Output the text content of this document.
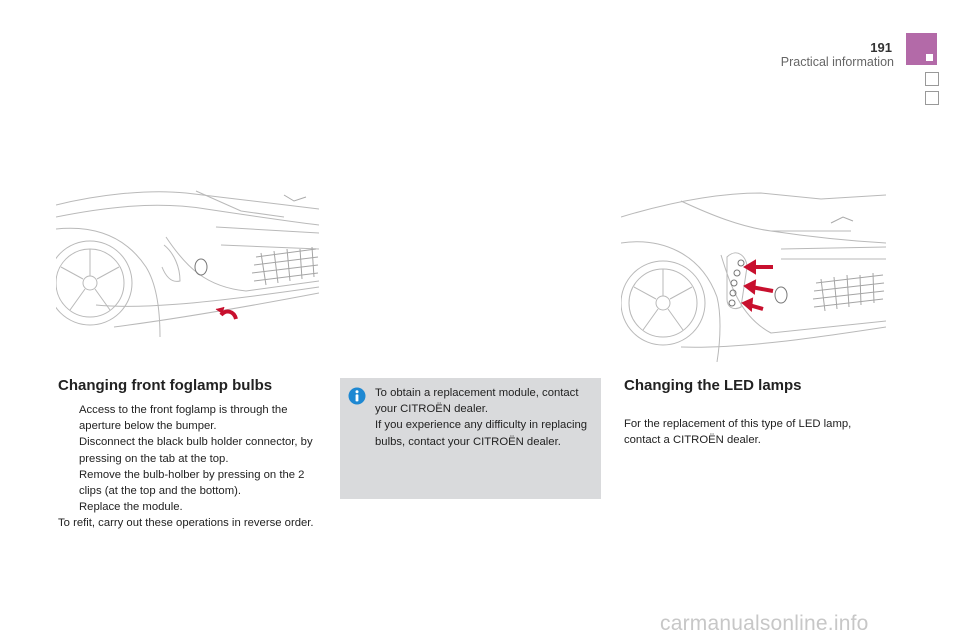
191
Practical information
Changing front foglamp bulbs

Access to the front foglamp is through the aperture below the bumper.

Disconnect the black bulb holder connector, by pressing on the tab at the top.

Remove the bulb-holber by pressing on the 2 clips (at the top and the bottom).

Replace the module.

To refit, carry out these operations in reverse order.

To obtain a replacement module, contact your CITROËN dealer.
If you experience any difficulty in replacing bulbs, contact your CITROËN dealer.

Changing the LED lamps

For the replacement of this type of LED lamp, contact a CITROËN dealer.

carmanualsonline.info
